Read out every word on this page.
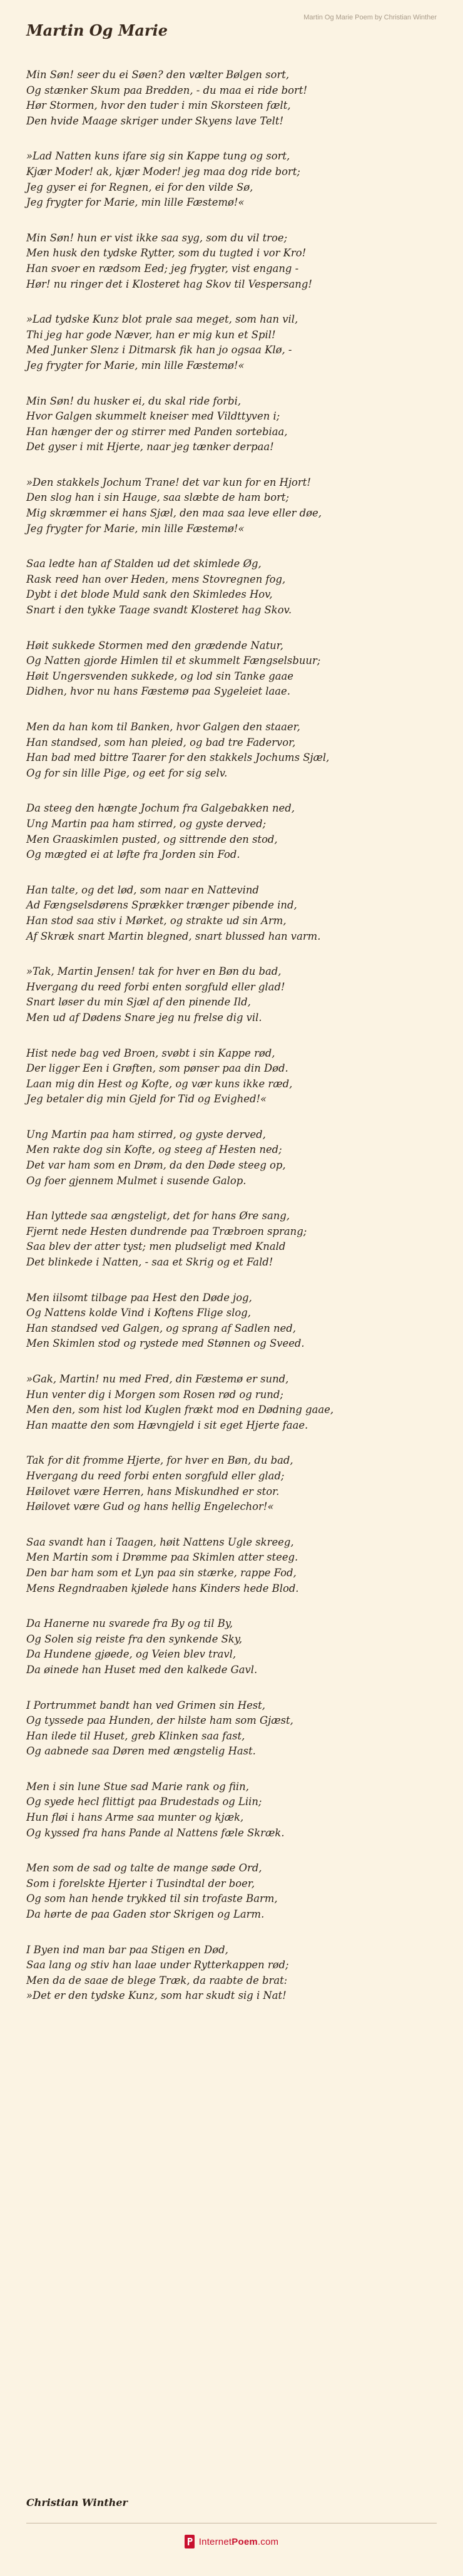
Martin Og Marie
Martin Og Marie Poem by Christian Winther
Min Søn! seer du ei Søen? den vælter Bølgen sort,
Og stænker Skum paa Bredden, - du maa ei ride bort!
Hør Stormen, hvor den tuder i min Skorsteen fælt,
Den hvide Maage skriger under Skyens lave Telt!
»Lad Natten kuns ifare sig sin Kappe tung og sort,
Kjær Moder! ak, kjær Moder! jeg maa dog ride bort;
Jeg gyser ei for Regnen, ei for den vilde Sø,
Jeg frygter for Marie, min lille Fæstemø!«
Min Søn! hun er vist ikke saa syg, som du vil troe;
Men husk den tydske Rytter, som du tugted i vor Kro!
Han svoer en rædsom Eed; jeg frygter, vist engang -
Hør! nu ringer det i Klosteret hag Skov til Vespersang!
»Lad tydske Kunz blot prale saa meget, som han vil,
Thi jeg har gode Næver, han er mig kun et Spil!
Med Junker Slenz i Ditmarsk fik han jo ogsaa Klø, -
Jeg frygter for Marie, min lille Fæstemø!«
Min Søn! du husker ei, du skal ride forbi,
Hvor Galgen skummelt kneiser med Vildttyven i;
Han hænger der og stirrer med Panden sortebiaa,
Det gyser i mit Hjerte, naar jeg tænker derpaa!
»Den stakkels Jochum Trane! det var kun for en Hjort!
Den slog han i sin Hauge, saa slæbte de ham bort;
Mig skræmmer ei hans Sjæl, den maa saa leve eller døe,
Jeg frygter for Marie, min lille Fæstemø!«
Saa ledte han af Stalden ud det skimlede Øg,
Rask reed han over Heden, mens Stovregnen fog,
Dybt i det blode Muld sank den Skimledes Hov,
Snart i den tykke Taage svandt Klosteret hag Skov.
Høit sukkede Stormen med den grædende Natur,
Og Natten gjorde Himlen til et skummelt Fængselsbuur;
Høit Ungersvenden sukkede, og lod sin Tanke gaae
Didhen, hvor nu hans Fæstemø paa Sygeleiet laae.
Men da han kom til Banken, hvor Galgen den staaer,
Han standsed, som han pleied, og bad tre Fadervor,
Han bad med bittre Taarer for den stakkels Jochums Sjæl,
Og for sin lille Pige, og eet for sig selv.
Da steeg den hængte Jochum fra Galgebakken ned,
Ung Martin paa ham stirred, og gyste derved;
Men Graaskimlen pusted, og sittrende den stod,
Og mægted ei at løfte fra Jorden sin Fod.
Han talte, og det lød, som naar en Nattevind
Ad Fængselsdørens Sprækker trænger pibende ind,
Han stod saa stiv i Mørket, og strakte ud sin Arm,
Af Skræk snart Martin blegned, snart blussed han varm.
»Tak, Martin Jensen! tak for hver en Bøn du bad,
Hvergang du reed forbi enten sorgfuld eller glad!
Snart løser du min Sjæl af den pinende Ild,
Men ud af Dødens Snare jeg nu frelse dig vil.
Hist nede bag ved Broen, svøbt i sin Kappe rød,
Der ligger Een i Grøften, som pønser paa din Død.
Laan mig din Hest og Kofte, og vær kuns ikke ræd,
Jeg betaler dig min Gjeld for Tid og Evighed!«
Ung Martin paa ham stirred, og gyste derved,
Men rakte dog sin Kofte, og steeg af Hesten ned;
Det var ham som en Drøm, da den Døde steeg op,
Og foer gjennem Mulmet i susende Galop.
Han lyttede saa ængsteligt, det for hans Øre sang,
Fjernt nede Hesten dundrende paa Træbroen sprang;
Saa blev der atter tyst; men pludseligt med Knald
Det blinkede i Natten, - saa et Skrig og et Fald!
Men iilsomt tilbage paa Hest den Døde jog,
Og Nattens kolde Vind i Koftens Flige slog,
Han standsed ved Galgen, og sprang af Sadlen ned,
Men Skimlen stod og rystede med Stønnen og Sveed.
»Gak, Martin! nu med Fred, din Fæstemø er sund,
Hun venter dig i Morgen som Rosen rød og rund;
Men den, som hist lod Kuglen frækt mod en Dødning gaae,
Han maatte den som Hævngjeld i sit eget Hjerte faae.
Tak for dit fromme Hjerte, for hver en Bøn, du bad,
Hvergang du reed forbi enten sorgfuld eller glad;
Høilovet være Herren, hans Miskundhed er stor.
Høilovet være Gud og hans hellig Engelechor!«
Saa svandt han i Taagen, høit Nattens Ugle skreeg,
Men Martin som i Drømme paa Skimlen atter steeg.
Den bar ham som et Lyn paa sin stærke, rappe Fod,
Mens Regndraaben kjølede hans Kinders hede Blod.
Da Hanerne nu svarede fra By og til By,
Og Solen sig reiste fra den synkende Sky,
Da Hundene gjøede, og Veien blev travl,
Da øinede han Huset med den kalkede Gavl.
I Portrummet bandt han ved Grimen sin Hest,
Og tyssede paa Hunden, der hilste ham som Gjæst,
Han ilede til Huset, greb Klinken saa fast,
Og aabnede saa Døren med ængstelig Hast.
Men i sin lune Stue sad Marie rank og fiin,
Og syede hecl flittigt paa Brudestads og Liin;
Hun fløi i hans Arme saa munter og kjæk,
Og kyssed fra hans Pande al Nattens fæle Skræk.
Men som de sad og talte de mange søde Ord,
Som i forelskte Hjerter i Tusindtal der boer,
Og som han hende trykked til sin trofaste Barm,
Da hørte de paa Gaden stor Skrigen og Larm.
I Byen ind man bar paa Stigen en Død,
Saa lang og stiv han laae under Rytterkappen rød;
Men da de saae de blege Træk, da raabte de brat:
»Det er den tydske Kunz, som har skudt sig i Nat!
Christian Winther
InternetPoem.com
